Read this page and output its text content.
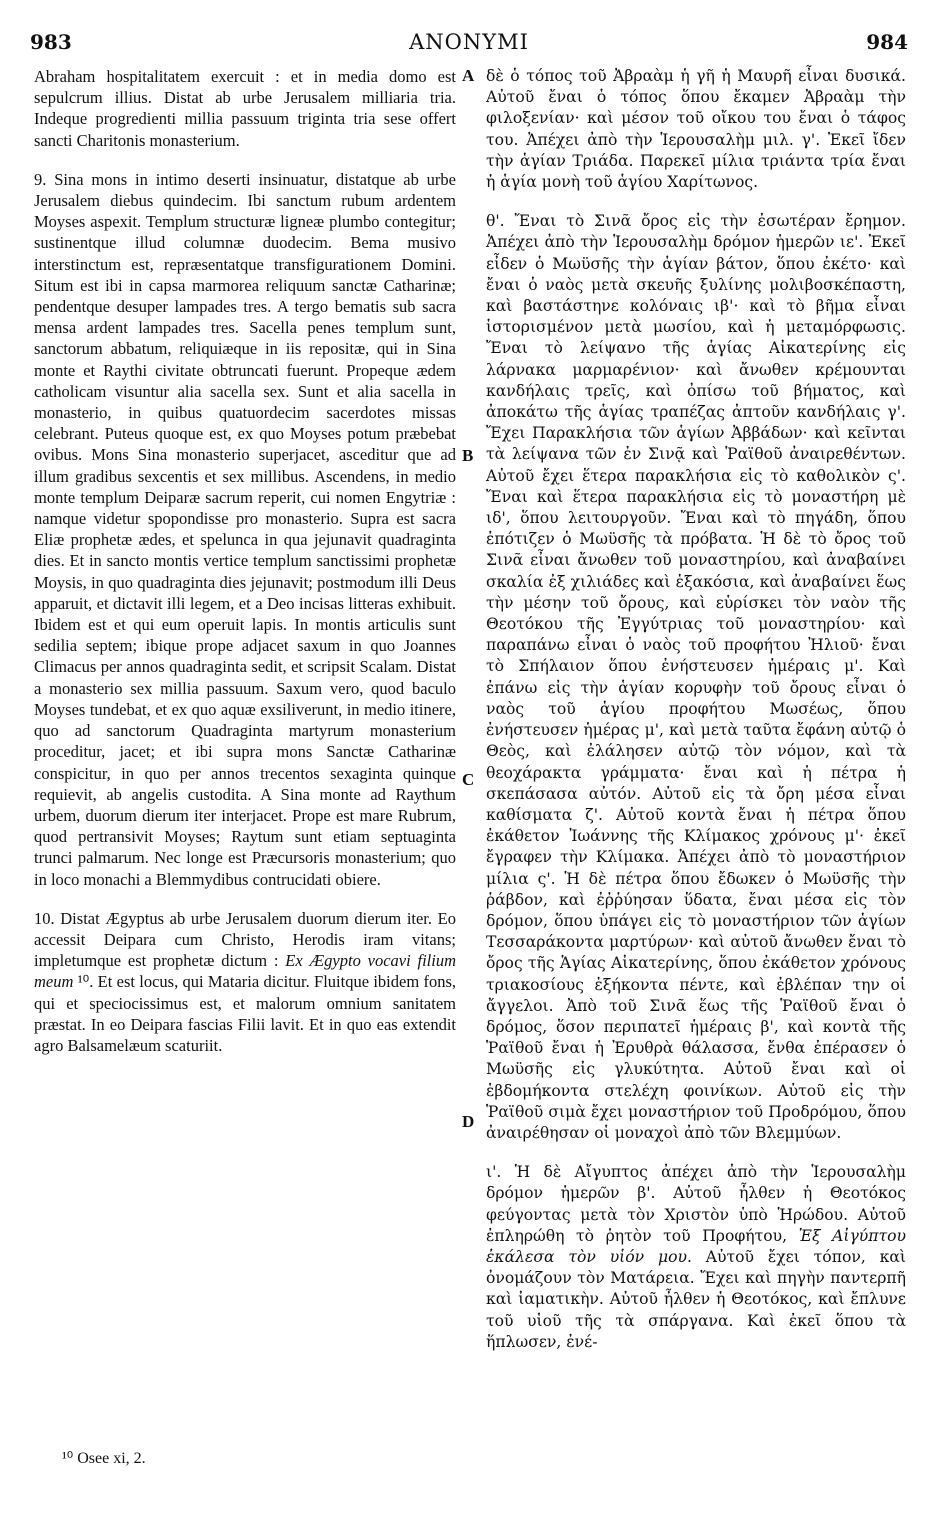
983	ANONYMI	984

Abraham hospitalitatem exercuit : et in media domo est sepulcrum illius. Distat ab urbe Jerusalem milliaria tria. Indeque progredienti millia passuum triginta tria sese offert sancti Charitonis monasterium.

9. Sina mons in intimo deserti insinuatur, distatque ab urbe Jerusalem diebus quindecim. Ibi sanctum rubum ardentem Moyses aspexit. Templum structuræ ligneæ plumbo contegitur; sustinentque illud columnæ duodecim. Bema musivo interstinctum est, repræsentatque transfigurationem Domini. Situm est ibi in capsa marmorea reliquum sanctæ Catharinæ; pendentque desuper lampades tres. A tergo bematis sub sacra mensa ardent lampades tres. Sacella penes templum sunt, sanctorum abbatum, reliquiæque in iis repositæ, qui in Sina monte et Raythi civitate obtruncati fuerunt. Propeque ædem catholicam visuntur alia sacella sex. Sunt et alia sacella in monasterio, in quibus quatuordecim sacerdotes missas celebrant. Puteus quoque est, ex quo Moyses potum præbebat ovibus. Mons Sina monasterio superjacet, asceditur que ad illum gradibus sexcentis et sex millibus. Ascendens, in medio monte templum Deiparæ sacrum reperit, cui nomen Engytriæ : namque videtur spopondisse pro monasterio. Supra est sacra Eliæ prophetæ ædes, et spelunca in qua jejunavit quadraginta dies. Et in sancto montis vertice templum sanctissimi prophetæ Moysis, in quo quadraginta dies jejunavit; postmodum illi Deus apparuit, et dictavit illi legem, et a Deo incisas litteras exhibuit. Ibidem est et qui eum operuit lapis. In montis articulis sunt sedilia septem; ibique prope adjacet saxum in quo Joannes Climacus per annos quadraginta sedit, et scripsit Scalam. Distat a monasterio sex millia passuum. Saxum vero, quod baculo Moyses tundebat, et ex quo aquæ exsiliverunt, in medio itinere, quo ad sanctorum Quadraginta martyrum monasterium proceditur, jacet; et ibi supra mons Sanctæ Catharinæ conspicitur, in quo per annos trecentos sexaginta quinque requievit, ab angelis custodita. A Sina monte ad Raythum urbem, duorum dierum iter interjacet. Prope est mare Rubrum, quod pertransivit Moyses; Raytum sunt etiam septuaginta trunci palmarum. Nec longe est Præcursoris monasterium; quo in loco monachi a Blemmydibus contrucidati obiere.

10. Distat Ægyptus ab urbe Jerusalem duorum dierum iter. Eo accessit Deipara cum Christo, Herodis iram vitans; impletumque est prophetæ dictum : Ex Ægypto vocavi filium meum ¹⁰. Et est locus, qui Mataria dicitur. Fluitque ibidem fons, qui et speciocissimus est, et malorum omnium sanitatem præstat. In eo Deipara fascias Filii lavit. Et in quo eas extendit agro Balsamelæum scaturiit.

δὲ ὁ τόπος τοῦ Ἀβραὰμ ἡ γῆ ἡ Μαυρῆ εἶναι δυσικά. Αὐτοῦ ἔναι ὁ τόπος ὅπου ἔκαμεν Ἀβραὰμ τὴν φιλοξενίαν· καὶ μέσον τοῦ οἴκου του ἔναι ὁ τάφος του. Ἀπέχει ἀπὸ τὴν Ἱερουσαλὴμ μιλ. γ'. Ἐκεῖ ἴδεν τὴν ἁγίαν Τριάδα. Παρεκεῖ μίλια τριάντα τρία ἔναι ἡ ἁγία μονὴ τοῦ ἁγίου Χαρίτωνος.

θ'. Ἔναι τὸ Σινᾶ ὄρος εἰς τὴν ἐσωτέραν ἔρημον. Ἀπέχει ἀπὸ τὴν Ἱερουσαλὴμ δρόμον ἡμερῶν ιε'. Ἐκεῖ εἶδεν ὁ Μωϋσῆς τὴν ἁγίαν βάτον, ὅπου ἐκέτο· καὶ ἔναι ὁ ναὸς μετὰ σκευῆς ξυλίνης μολιβοσκέπαστη, καὶ βαστάστηνε κολόναις ιβ'· καὶ τὸ βῆμα εἶναι ἱστορισμένον μετὰ μωσίου, καὶ ἡ μεταμόρφωσις. Ἔναι τὸ λείψανο τῆς ἁγίας Αἰκατερίνης εἰς λάρνακα μαρμαρένιον· καὶ ἄνωθεν κρέμουνται κανδήλαις τρεῖς, καὶ ὀπίσω τοῦ βήματος, καὶ ἀποκάτω τῆς ἁγίας τραπέζας ἀπτοῦν κανδήλαις γ'. Ἔχει Παρακλήσια τῶν ἁγίων Ἀββάδων· καὶ κεῖνται τὰ λείψανα τῶν ἐν Σινᾷ καὶ Ῥαϊθοῦ ἀναιρεθέντων. Αὐτοῦ ἔχει ἕτερα παρακλήσια εἰς τὸ καθολικὸν ς'. Ἔναι καὶ ἕτερα παρακλήσια εἰς τὸ μοναστήρη μὲ ιδ', ὅπου λειτουργοῦν. Ἔναι καὶ τὸ πηγάδη, ὅπου ἐπότιζεν ὁ Μωϋσῆς τὰ πρόβατα. Ἡ δὲ τὸ ὄρος τοῦ Σινᾶ εἶναι ἄνωθεν τοῦ μοναστηρίου, καὶ ἀναβαίνει σκαλία ἐξ χιλιάδες καὶ ἑξακόσια, καὶ ἀναβαίνει ἕως τὴν μέσην τοῦ ὄρους, καὶ εὑρίσκει τὸν ναὸν τῆς Θεοτόκου τῆς Ἐγγύτριας τοῦ μοναστηρίου· καὶ παραπάνω εἶναι ὁ ναὸς τοῦ προφήτου Ἠλιοῦ· ἔναι τὸ Σπήλαιον ὅπου ἐνήστευσεν ἡμέραις μ'. Καὶ ἐπάνω εἰς τὴν ἁγίαν κορυφὴν τοῦ ὄρους εἶναι ὁ ναὸς τοῦ ἁγίου προφήτου Μωσέως, ὅπου ἐνήστευσεν ἡμέρας μ', καὶ μετὰ ταῦτα ἔφάνη αὐτῷ ὁ Θεὸς, καὶ ἐλάλησεν αὐτῷ τὸν νόμον, καὶ τὰ θεοχάρακτα γράμματα· ἔναι καὶ ἡ πέτρα ἡ σκεπάσασα αὐτόν. Αὐτοῦ εἰς τὰ ὄρη μέσα εἶναι καθίσματα ζ'. Αὐτοῦ κοντὰ ἔναι ἡ πέτρα ὅπου ἐκάθετον Ἰωάννης τῆς Κλίμακος χρόνους μ'· ἐκεῖ ἔγραφεν τὴν Κλίμακα. Ἀπέχει ἀπὸ τὸ μοναστήριον μίλια ς'. Ἡ δὲ πέτρα ὅπου ἔδωκεν ὁ Μωϋσῆς τὴν ῥάβδον, καὶ ἐῤῥύησαν ὕδατα, ἔναι μέσα εἰς τὸν δρόμον, ὅπου ὑπάγει εἰς τὸ μοναστήριον τῶν ἁγίων Τεσσαράκοντα μαρτύρων· καὶ αὐτοῦ ἄνωθεν ἔναι τὸ ὄρος τῆς Ἁγίας Αἰκατερίνης, ὅπου ἐκάθετον χρόνους τριακοσίους ἑξήκοντα πέντε, καὶ ἐβλέπαν την οἱ ἄγγελοι. Ἀπὸ τοῦ Σινᾶ ἕως τῆς Ῥαϊθοῦ ἔναι ὁ δρόμος, ὅσον περιπατεῖ ἡμέραις β', καὶ κοντὰ τῆς Ῥαϊθοῦ ἔναι ἡ Ἐρυθρὰ θάλασσα, ἔνθα ἐπέρασεν ὁ Μωϋσῆς εἰς γλυκύτητα. Αὐτοῦ ἔναι καὶ οἱ ἑβδομήκοντα στελέχη φοινίκων. Αὐτοῦ εἰς τὴν Ῥαϊθοῦ σιμὰ ἔχει μοναστήριον τοῦ Προδρόμου, ὅπου ἀναιρέθησαν οἱ μοναχοὶ ἀπὸ τῶν Βλεμμύων.

ι'. Ἡ δὲ Αἴγυπτος ἀπέχει ἀπὸ τὴν Ἱερουσαλὴμ δρόμον ἡμερῶν β'. Αὐτοῦ ἦλθεν ἡ Θεοτόκος φεύγοντας μετὰ τὸν Χριστὸν ὑπὸ Ἡρώδου. Αὐτοῦ ἐπληρώθη τὸ ῥητὸν τοῦ Προφήτου, Ἐξ Αἰγύπτου ἐκάλεσα τὸν υἱόν μου. Αὐτοῦ ἔχει τόπον, καὶ ὀνομάζουν τὸν Ματάρεια. Ἔχει καὶ πηγὴν παντερπῆ καὶ ἰαματικὴν. Αὐτοῦ ἦλθεν ἡ Θεοτόκος, καὶ ἔπλυνε τοῦ υἱοῦ τῆς τὰ σπάργανα. Καὶ ἐκεῖ ὅπου τὰ ἥπλωσεν, ἐνέ-

A
B
C
D
¹⁰ Osee xi, 2.
